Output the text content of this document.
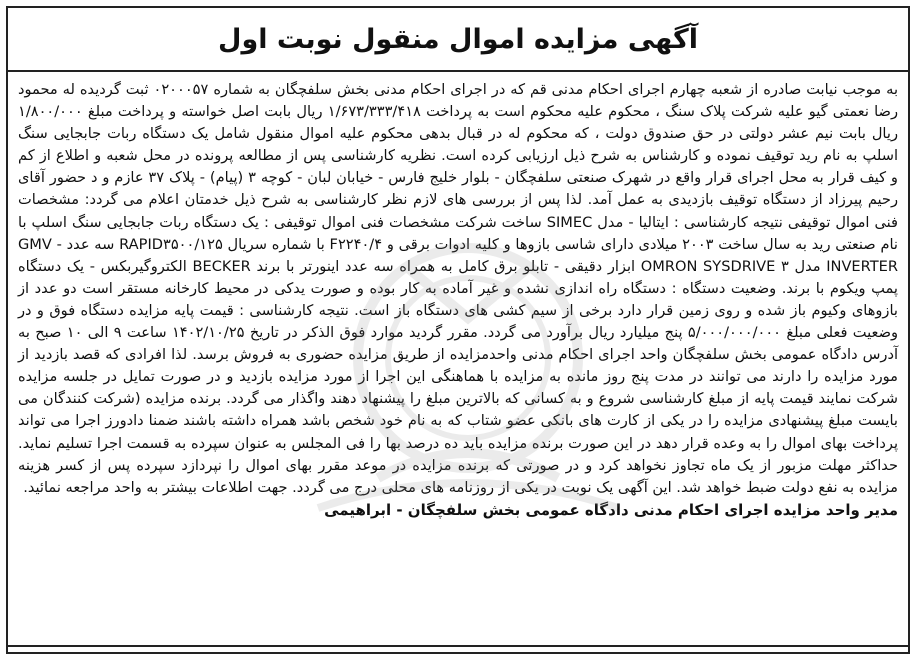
آگهی مزایده اموال منقول نوبت اول

به موجب نیابت صادره از شعبه چهارم اجرای احکام مدنی قم که در اجرای احکام مدنی بخش سلفچگان به شماره ۰۲۰۰۰۵۷ ثبت گردیده له محمود رضا نعمتی گیو علیه شرکت پلاک سنگ ، محکوم علیه محکوم است به پرداخت ۱/۶۷۳/۳۳۳/۴۱۸ ریال بابت اصل خواسته و پرداخت مبلغ ۱/۸۰۰/۰۰۰ ریال بابت نیم عشر دولتی در حق صندوق دولت ، که محکوم له در قبال بدهی محکوم علیه اموال منقول شامل یک دستگاه ربات جابجایی سنگ اسلپ به نام رید توقیف نموده و کارشناس به شرح ذیل ارزیابی کرده است. نظریه کارشناسی پس از مطالعه پرونده در محل شعبه و اطلاع از کم و کیف قرار به محل اجرای قرار واقع در شهرک صنعتی سلفچگان - بلوار خلیج فارس - خیابان لبان - کوچه ۳ (پیام) - پلاک ۳۷ عازم و د حضور آقای رحیم پیرزاد از دستگاه توقیف بازدیدی به عمل آمد. لذا پس از بررسی های لازم نظر کارشناسی به شرح ذیل خدمتان اعلام می گردد: مشخصات فنی اموال توقیفی نتیجه کارشناسی : ایتالیا - مدل SIMEC ساخت شرکت مشخصات فنی اموال توقیفی : یک دستگاه ربات جابجایی سنگ اسلپ با نام صنعتی رید به سال ساخت ۲۰۰۳ میلادی دارای شاسی بازوها و کلیه ادوات برقی و ۴/F۲۲۴۰ با شماره سریال ۱۲۵/RAPID۳۵۰۰ سه عدد - GMV INVERTER مدل OMRON SYSDRIVE ۳ ابزار دقیقی - تابلو برق کامل به همراه سه عدد اینورتر با برند BECKER الکتروگیربکس - یک دستگاه پمپ ویکوم با برند. وضعیت دستگاه : دستگاه راه اندازی نشده و غیر آماده به کار بوده و صورت یدکی در محیط کارخانه مستقر است دو عدد از بازوهای وکیوم باز شده و روی زمین قرار دارد برخی از سیم کشی های دستگاه باز است. نتیجه کارشناسی : قیمت پایه مزایده دستگاه فوق و در وضعیت فعلی مبلغ ۵/۰۰۰/۰۰۰/۰۰۰ پنج میلیارد ریال برآورد می گردد. مقرر گردید موارد فوق الذکر در تاریخ ۱۴۰۲/۱۰/۲۵ ساعت ۹ الی ۱۰ صبح به آدرس دادگاه عمومی بخش سلفچگان واحد اجرای احکام مدنی واحدمزایده از طریق مزایده حضوری به فروش برسد. لذا افرادی که قصد بازدید از مورد مزایده را دارند می توانند در مدت پنج روز مانده به مزایده با هماهنگی این اجرا از مورد مزایده بازدید و در صورت تمایل در جلسه مزایده شرکت نمایند قیمت پایه از مبلغ کارشناسی شروع و به کسانی که بالاترین مبلغ را پیشنهاد دهند واگذار می گردد. برنده مزایده (شرکت کنندگان می بایست مبلغ پیشنهادی مزایده را در یکی از کارت های بانکی عضو شتاب که به نام خود شخص باشد همراه داشته باشند ضمنا دادورز اجرا می تواند پرداخت بهای اموال را به وعده قرار دهد در این صورت برنده مزایده باید ده درصد بها را فی المجلس به عنوان سپرده به قسمت اجرا تسلیم نماید. حداکثر مهلت مزبور از یک ماه تجاوز نخواهد کرد و در صورتی که برنده مزایده در موعد مقرر بهای اموال را نپردازد سپرده پس از کسر هزینه مزایده به نفع دولت ضبط خواهد شد. این آگهی یک نوبت در یکی از روزنامه های محلی درج می گردد. جهت اطلاعات بیشتر به واحد مراجعه نمائید.

مدیر واحد مزایده اجرای احکام مدنی دادگاه عمومی بخش سلفچگان - ابراهیمی
